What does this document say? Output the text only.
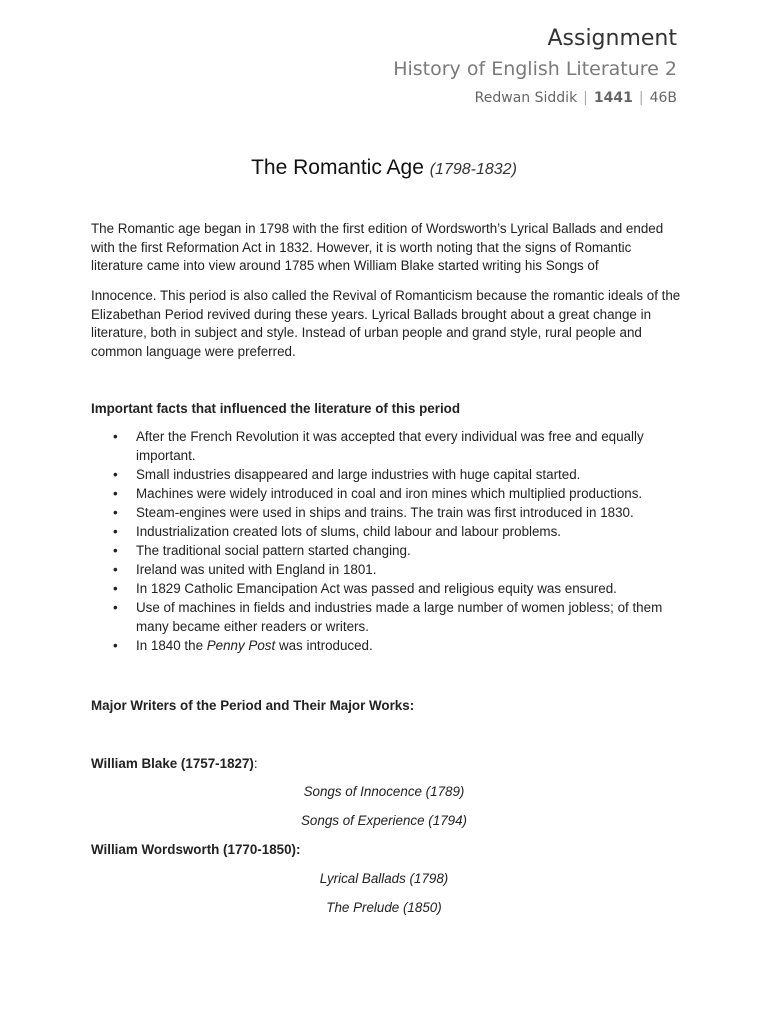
Assignment
History of English Literature 2
Redwan Siddik | 1441 | 46B
The Romantic Age (1798-1832)

The Romantic age began in 1798 with the first edition of Wordsworth’s Lyrical Ballads and ended with the first Reformation Act in 1832. However, it is worth noting that the signs of Romantic literature came into view around 1785 when William Blake started writing his Songs of

Innocence. This period is also called the Revival of Romanticism because the romantic ideals of the Elizabethan Period revived during these years. Lyrical Ballads brought about a great change in literature, both in subject and style. Instead of urban people and grand style, rural people and common language were preferred.

Important facts that influenced the literature of this period
• After the French Revolution it was accepted that every individual was free and equally important.
• Small industries disappeared and large industries with huge capital started.
• Machines were widely introduced in coal and iron mines which multiplied productions.
• Steam-engines were used in ships and trains. The train was first introduced in 1830.
• Industrialization created lots of slums, child labour and labour problems.
• The traditional social pattern started changing.
• Ireland was united with England in 1801.
• In 1829 Catholic Emancipation Act was passed and religious equity was ensured.
• Use of machines in fields and industries made a large number of women jobless; of them many became either readers or writers.
• In 1840 the Penny Post was introduced.
Major Writers of the Period and Their Major Works:
William Blake (1757-1827):
Songs of Innocence (1789)
Songs of Experience (1794)
William Wordsworth (1770-1850):
Lyrical Ballads (1798)
The Prelude (1850)
